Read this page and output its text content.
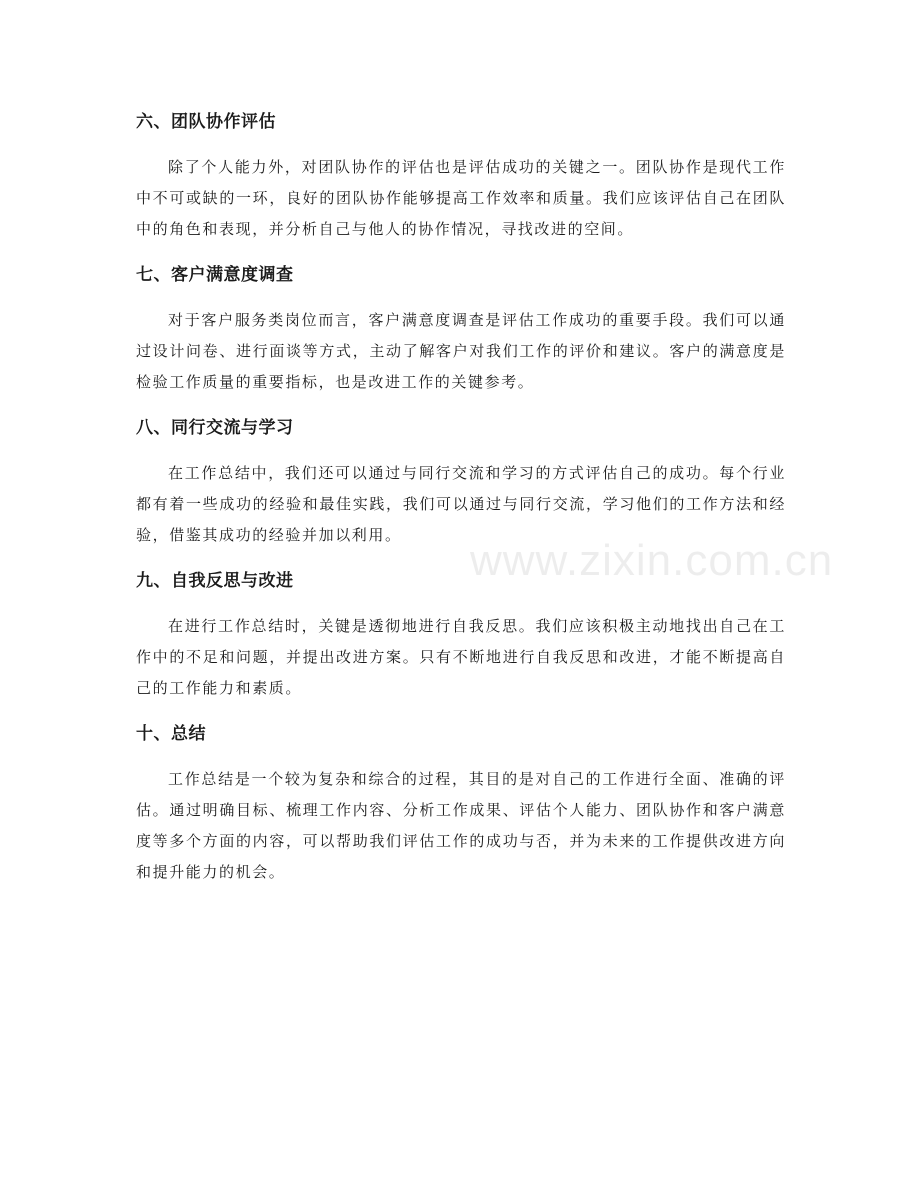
www.zixin.com.cn
六、团队协作评估

除了个人能力外，对团队协作的评估也是评估成功的关键之一。团队协作是现代工作中不可或缺的一环，良好的团队协作能够提高工作效率和质量。我们应该评估自己在团队中的角色和表现，并分析自己与他人的协作情况，寻找改进的空间。

七、客户满意度调查

对于客户服务类岗位而言，客户满意度调查是评估工作成功的重要手段。我们可以通过设计问卷、进行面谈等方式，主动了解客户对我们工作的评价和建议。客户的满意度是检验工作质量的重要指标，也是改进工作的关键参考。

八、同行交流与学习

在工作总结中，我们还可以通过与同行交流和学习的方式评估自己的成功。每个行业都有着一些成功的经验和最佳实践，我们可以通过与同行交流，学习他们的工作方法和经验，借鉴其成功的经验并加以利用。

九、自我反思与改进

在进行工作总结时，关键是透彻地进行自我反思。我们应该积极主动地找出自己在工作中的不足和问题，并提出改进方案。只有不断地进行自我反思和改进，才能不断提高自己的工作能力和素质。

十、总结

工作总结是一个较为复杂和综合的过程，其目的是对自己的工作进行全面、准确的评估。通过明确目标、梳理工作内容、分析工作成果、评估个人能力、团队协作和客户满意度等多个方面的内容，可以帮助我们评估工作的成功与否，并为未来的工作提供改进方向和提升能力的机会。
